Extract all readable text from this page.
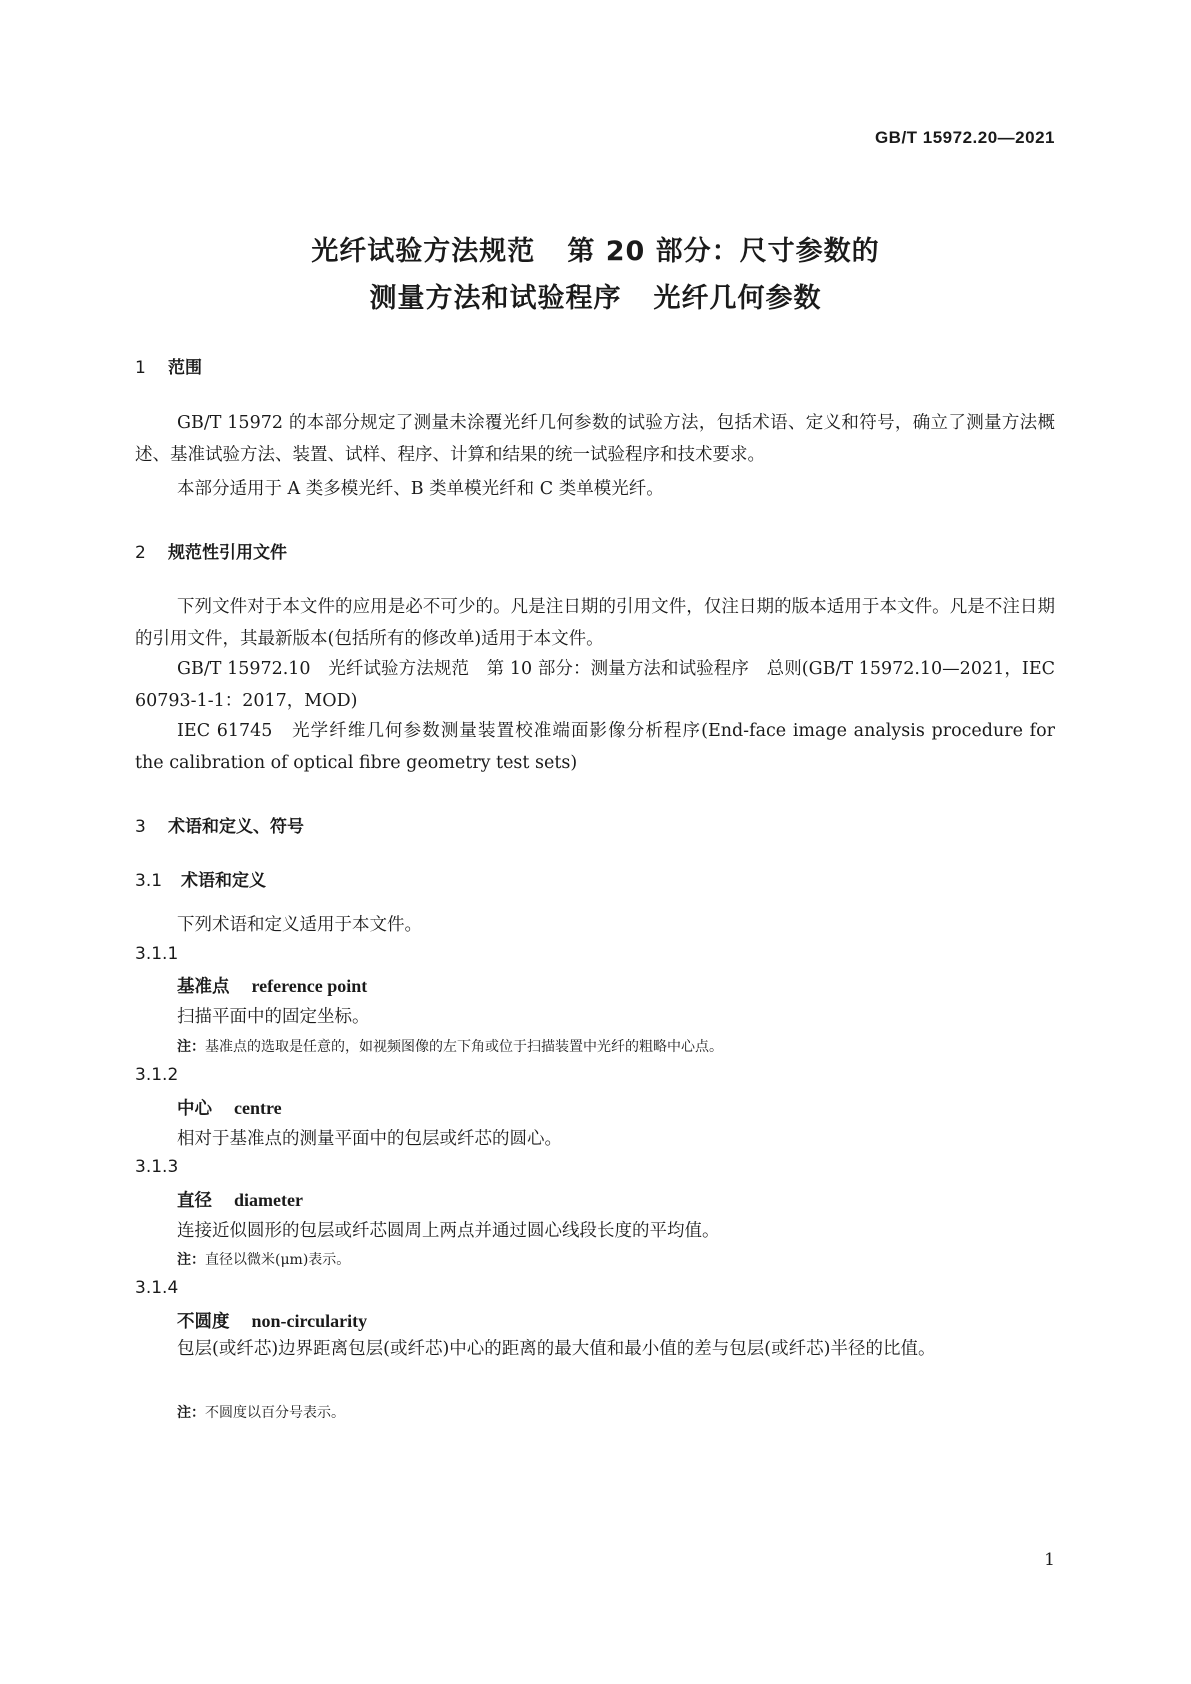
GB/T 15972.20—2021
光纤试验方法规范 第 20 部分：尺寸参数的
测量方法和试验程序 光纤几何参数
1 范围
GB/T 15972 的本部分规定了测量未涂覆光纤几何参数的试验方法，包括术语、定义和符号，确立了测量方法概述、基准试验方法、装置、试样、程序、计算和结果的统一试验程序和技术要求。
本部分适用于 A 类多模光纤、B 类单模光纤和 C 类单模光纤。
2 规范性引用文件
下列文件对于本文件的应用是必不可少的。凡是注日期的引用文件，仅注日期的版本适用于本文件。凡是不注日期的引用文件，其最新版本(包括所有的修改单)适用于本文件。
GB/T 15972.10　光纤试验方法规范　第 10 部分：测量方法和试验程序　总则(GB/T 15972.10—2021，IEC 60793-1-1：2017，MOD)
IEC 61745　光学纤维几何参数测量装置校准端面影像分析程序(End-face image analysis procedure for the calibration of optical fibre geometry test sets)
3 术语和定义、符号
3.1 术语和定义
下列术语和定义适用于本文件。
3.1.1
基准点 reference point
扫描平面中的固定坐标。
注：基准点的选取是任意的，如视频图像的左下角或位于扫描装置中光纤的粗略中心点。
3.1.2
中心 centre
相对于基准点的测量平面中的包层或纤芯的圆心。
3.1.3
直径 diameter
连接近似圆形的包层或纤芯圆周上两点并通过圆心线段长度的平均值。
注：直径以微米(μm)表示。
3.1.4
不圆度 non-circularity
包层(或纤芯)边界距离包层(或纤芯)中心的距离的最大值和最小值的差与包层(或纤芯)半径的比值。
注：不圆度以百分号表示。
1
